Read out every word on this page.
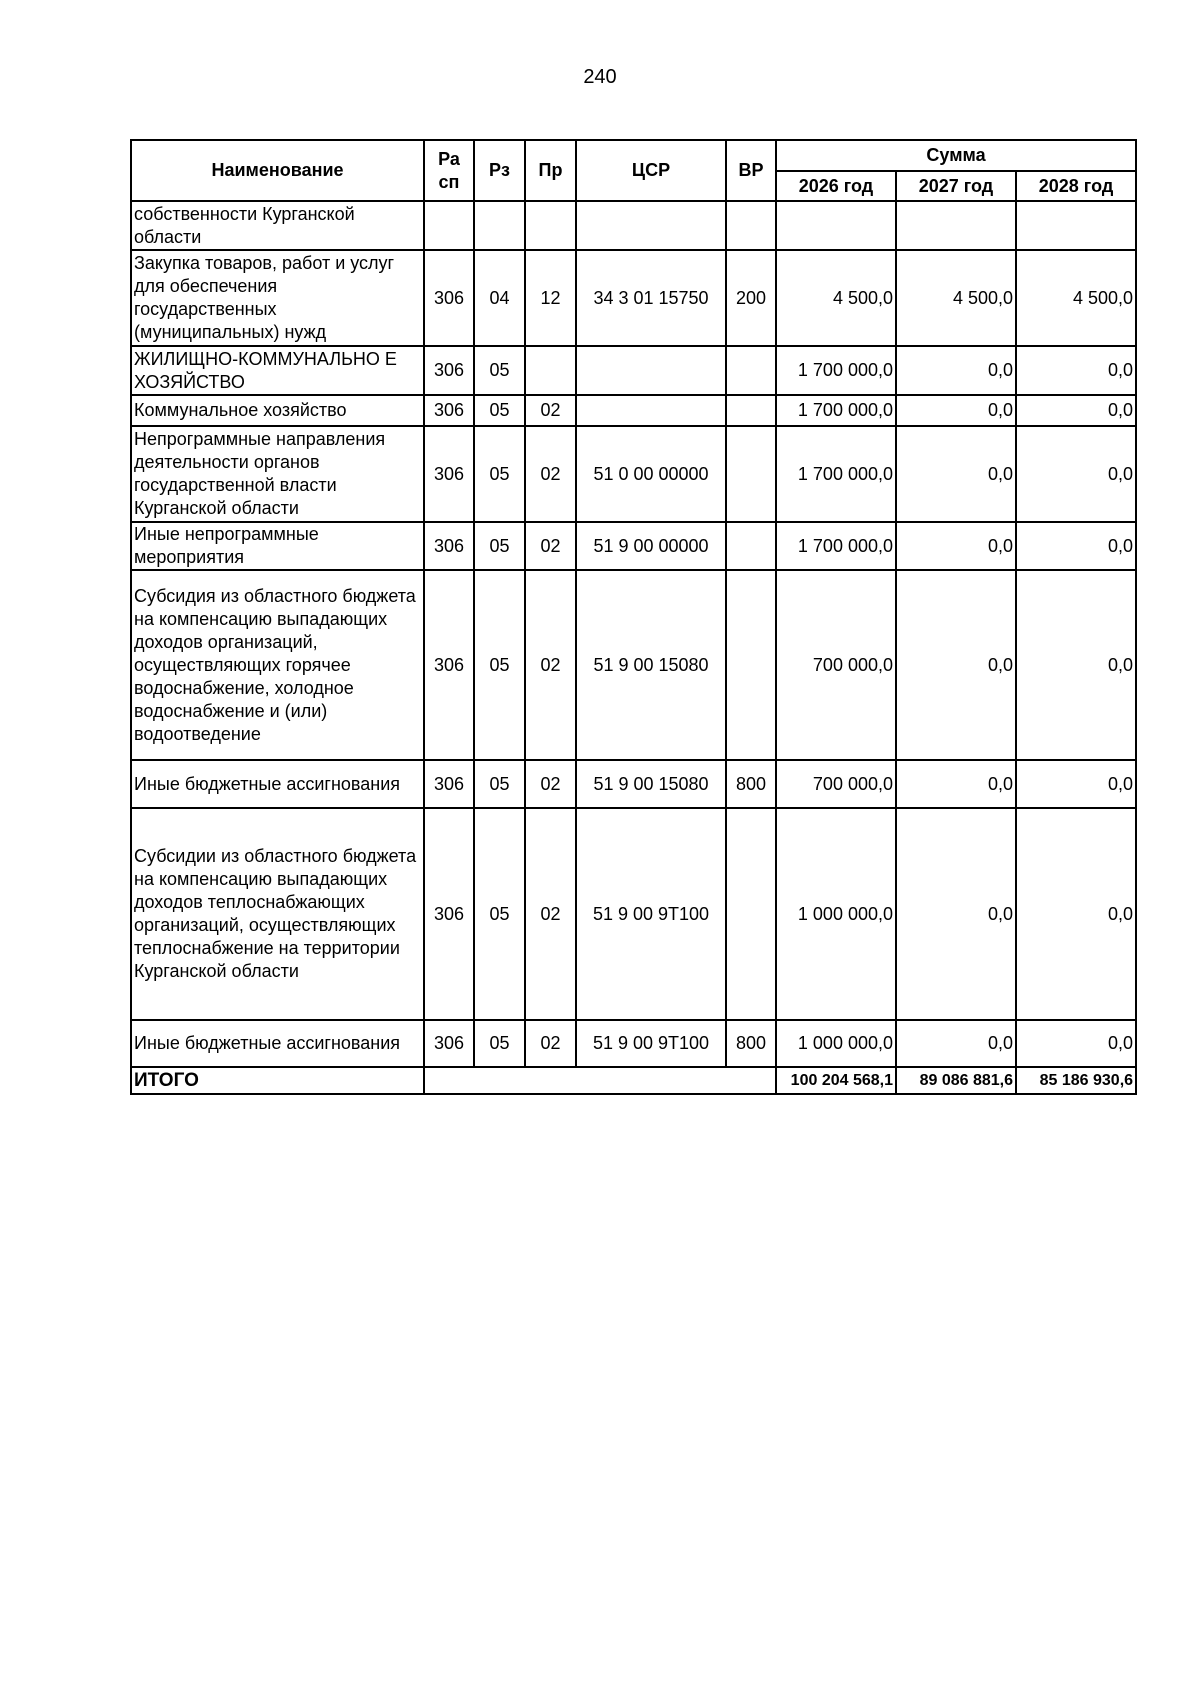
240
Наименование	Ра сп	Рз	Пр	ЦСР	ВР	Сумма		
						2026 год	2027 год	2028 год
собственности Курганской области								
Закупка товаров, работ и услуг для обеспечения государственных (муниципальных) нужд	306	04	12	34 3 01 15750	200	4 500,0	4 500,0	4 500,0
ЖИЛИЩНО-КОММУНАЛЬНО Е ХОЗЯЙСТВО	306	05				1 700 000,0	0,0	0,0
Коммунальное хозяйство	306	05	02			1 700 000,0	0,0	0,0
Непрограммные направления деятельности органов государственной власти Курганской области	306	05	02	51 0 00 00000		1 700 000,0	0,0	0,0
Иные непрограммные мероприятия	306	05	02	51 9 00 00000		1 700 000,0	0,0	0,0
Субсидия из областного бюджета на компенсацию выпадающих доходов организаций, осуществляющих горячее водоснабжение, холодное водоснабжение и (или) водоотведение	306	05	02	51 9 00 15080		700 000,0	0,0	0,0
Иные бюджетные ассигнования	306	05	02	51 9 00 15080	800	700 000,0	0,0	0,0
Субсидии из областного бюджета на компенсацию выпадающих доходов теплоснабжающих организаций, осуществляющих теплоснабжение на территории Курганской области	306	05	02	51 9 00 9Т100		1 000 000,0	0,0	0,0
Иные бюджетные ассигнования	306	05	02	51 9 00 9Т100	800	1 000 000,0	0,0	0,0
ИТОГО						100 204 568,1	89 086 881,6	85 186 930,6
